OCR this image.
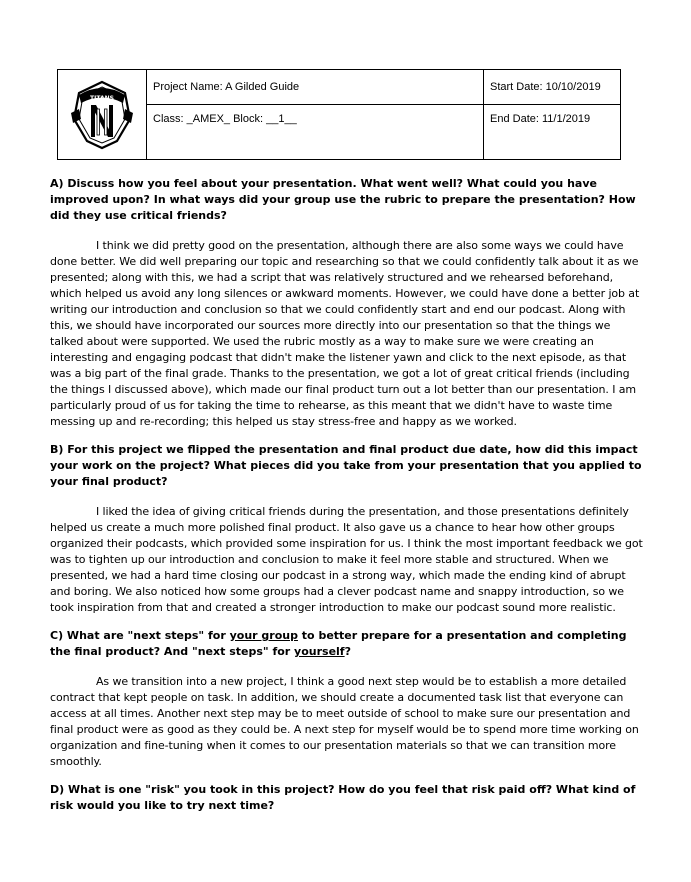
TITANS	Project Name: A Gilded Guide	Start Date: 10/10/2019

	Class: _AMEX_ Block: __1__	End Date: 11/1/2019

A) Discuss how you feel about your presentation. What went well? What could you have improved upon? In what ways did your group use the rubric to prepare the presentation? How did they use critical friends?

I think we did pretty good on the presentation, although there are also some ways we could have done better. We did well preparing our topic and researching so that we could confidently talk about it as we presented; along with this, we had a script that was relatively structured and we rehearsed beforehand, which helped us avoid any long silences or awkward moments. However, we could have done a better job at writing our introduction and conclusion so that we could confidently start and end our podcast. Along with this, we should have incorporated our sources more directly into our presentation so that the things we talked about were supported. We used the rubric mostly as a way to make sure we were creating an interesting and engaging podcast that didn't make the listener yawn and click to the next episode, as that was a big part of the final grade. Thanks to the presentation, we got a lot of great critical friends (including the things I discussed above), which made our final product turn out a lot better than our presentation. I am particularly proud of us for taking the time to rehearse, as this meant that we didn't have to waste time messing up and re-recording; this helped us stay stress-free and happy as we worked.

B) For this project we flipped the presentation and final product due date, how did this impact your work on the project? What pieces did you take from your presentation that you applied to your final product?

I liked the idea of giving critical friends during the presentation, and those presentations definitely helped us create a much more polished final product. It also gave us a chance to hear how other groups organized their podcasts, which provided some inspiration for us. I think the most important feedback we got was to tighten up our introduction and conclusion to make it feel more stable and structured. When we presented, we had a hard time closing our podcast in a strong way, which made the ending kind of abrupt and boring. We also noticed how some groups had a clever podcast name and snappy introduction, so we took inspiration from that and created a stronger introduction to make our podcast sound more realistic.

C) What are "next steps" for your group to better prepare for a presentation and completing the final product? And "next steps" for yourself?

As we transition into a new project, I think a good next step would be to establish a more detailed contract that kept people on task. In addition, we should create a documented task list that everyone can access at all times. Another next step may be to meet outside of school to make sure our presentation and final product were as good as they could be. A next step for myself would be to spend more time working on organization and fine-tuning when it comes to our presentation materials so that we can transition more smoothly.

D) What is one "risk" you took in this project? How do you feel that risk paid off? What kind of risk would you like to try next time?
